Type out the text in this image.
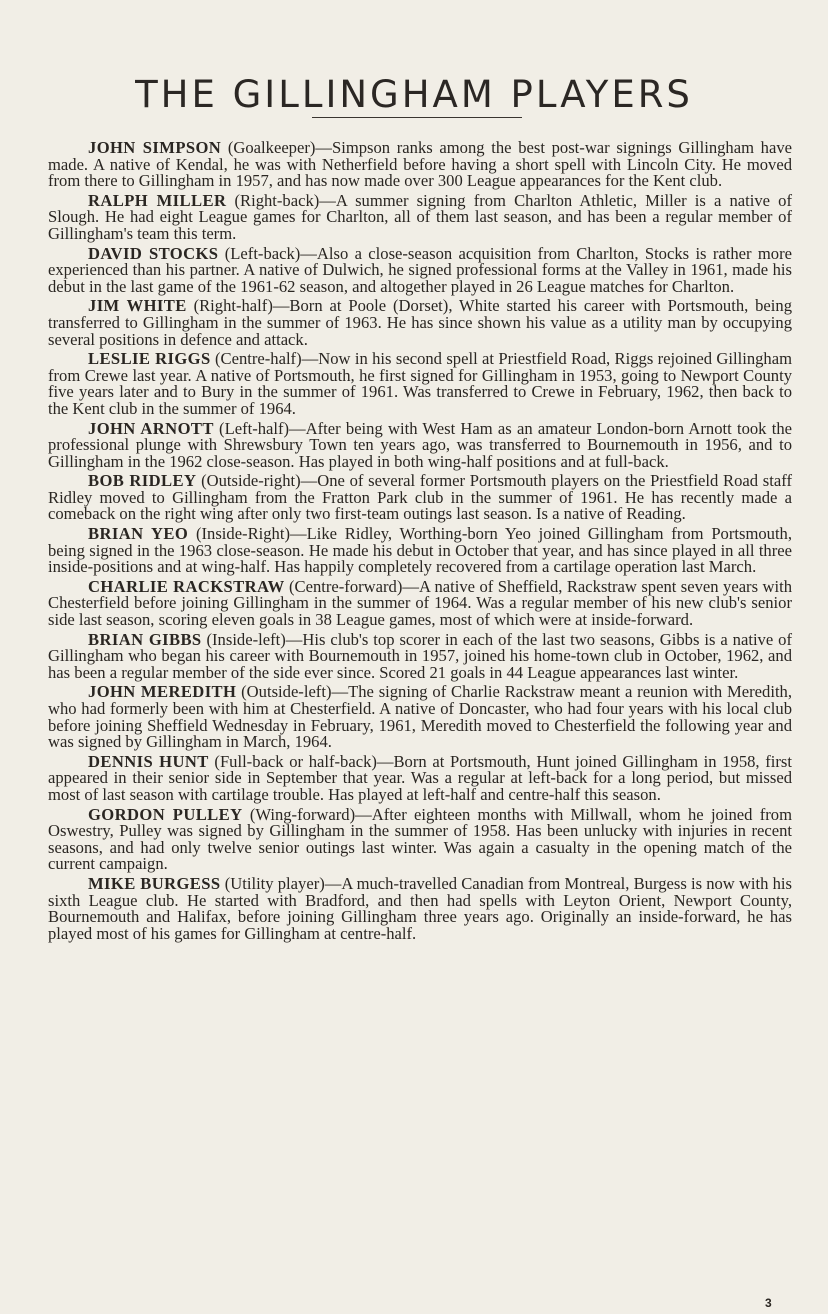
THE GILLINGHAM PLAYERS

JOHN SIMPSON (Goalkeeper)—Simpson ranks among the best post-war signings Gillingham have made. A native of Kendal, he was with Netherfield before having a short spell with Lincoln City. He moved from there to Gillingham in 1957, and has now made over 300 League appearances for the Kent club.

RALPH MILLER (Right-back)—A summer signing from Charlton Athletic, Miller is a native of Slough. He had eight League games for Charlton, all of them last season, and has been a regular member of Gillingham's team this term.

DAVID STOCKS (Left-back)—Also a close-season acquisition from Charlton, Stocks is rather more experienced than his partner. A native of Dulwich, he signed professional forms at the Valley in 1961, made his debut in the last game of the 1961-62 season, and altogether played in 26 League matches for Charlton.

JIM WHITE (Right-half)—Born at Poole (Dorset), White started his career with Portsmouth, being transferred to Gillingham in the summer of 1963. He has since shown his value as a utility man by occupying several positions in defence and attack.

LESLIE RIGGS (Centre-half)—Now in his second spell at Priestfield Road, Riggs rejoined Gillingham from Crewe last year. A native of Portsmouth, he first signed for Gillingham in 1953, going to Newport County five years later and to Bury in the summer of 1961. Was transferred to Crewe in February, 1962, then back to the Kent club in the summer of 1964.

JOHN ARNOTT (Left-half)—After being with West Ham as an amateur London-born Arnott took the professional plunge with Shrewsbury Town ten years ago, was transferred to Bournemouth in 1956, and to Gillingham in the 1962 close-season. Has played in both wing-half positions and at full-back.

BOB RIDLEY (Outside-right)—One of several former Portsmouth players on the Priestfield Road staff Ridley moved to Gillingham from the Fratton Park club in the summer of 1961. He has recently made a comeback on the right wing after only two first-team outings last season. Is a native of Reading.

BRIAN YEO (Inside-Right)—Like Ridley, Worthing-born Yeo joined Gillingham from Portsmouth, being signed in the 1963 close-season. He made his debut in October that year, and has since played in all three inside-positions and at wing-half. Has happily completely recovered from a cartilage operation last March.

CHARLIE RACKSTRAW (Centre-forward)—A native of Sheffield, Rackstraw spent seven years with Chesterfield before joining Gillingham in the summer of 1964. Was a regular member of his new club's senior side last season, scoring eleven goals in 38 League games, most of which were at inside-forward.

BRIAN GIBBS (Inside-left)—His club's top scorer in each of the last two seasons, Gibbs is a native of Gillingham who began his career with Bournemouth in 1957, joined his home-town club in October, 1962, and has been a regular member of the side ever since. Scored 21 goals in 44 League appearances last winter.

JOHN MEREDITH (Outside-left)—The signing of Charlie Rackstraw meant a reunion with Meredith, who had formerly been with him at Chesterfield. A native of Doncaster, who had four years with his local club before joining Sheffield Wednesday in February, 1961, Meredith moved to Chesterfield the following year and was signed by Gillingham in March, 1964.

DENNIS HUNT (Full-back or half-back)—Born at Portsmouth, Hunt joined Gillingham in 1958, first appeared in their senior side in September that year. Was a regular at left-back for a long period, but missed most of last season with cartilage trouble. Has played at left-half and centre-half this season.

GORDON PULLEY (Wing-forward)—After eighteen months with Millwall, whom he joined from Oswestry, Pulley was signed by Gillingham in the summer of 1958. Has been unlucky with injuries in recent seasons, and had only twelve senior outings last winter. Was again a casualty in the opening match of the current campaign.

MIKE BURGESS (Utility player)—A much-travelled Canadian from Montreal, Burgess is now with his sixth League club. He started with Bradford, and then had spells with Leyton Orient, Newport County, Bournemouth and Halifax, before joining Gillingham three years ago. Originally an inside-forward, he has played most of his games for Gillingham at centre-half.

3
